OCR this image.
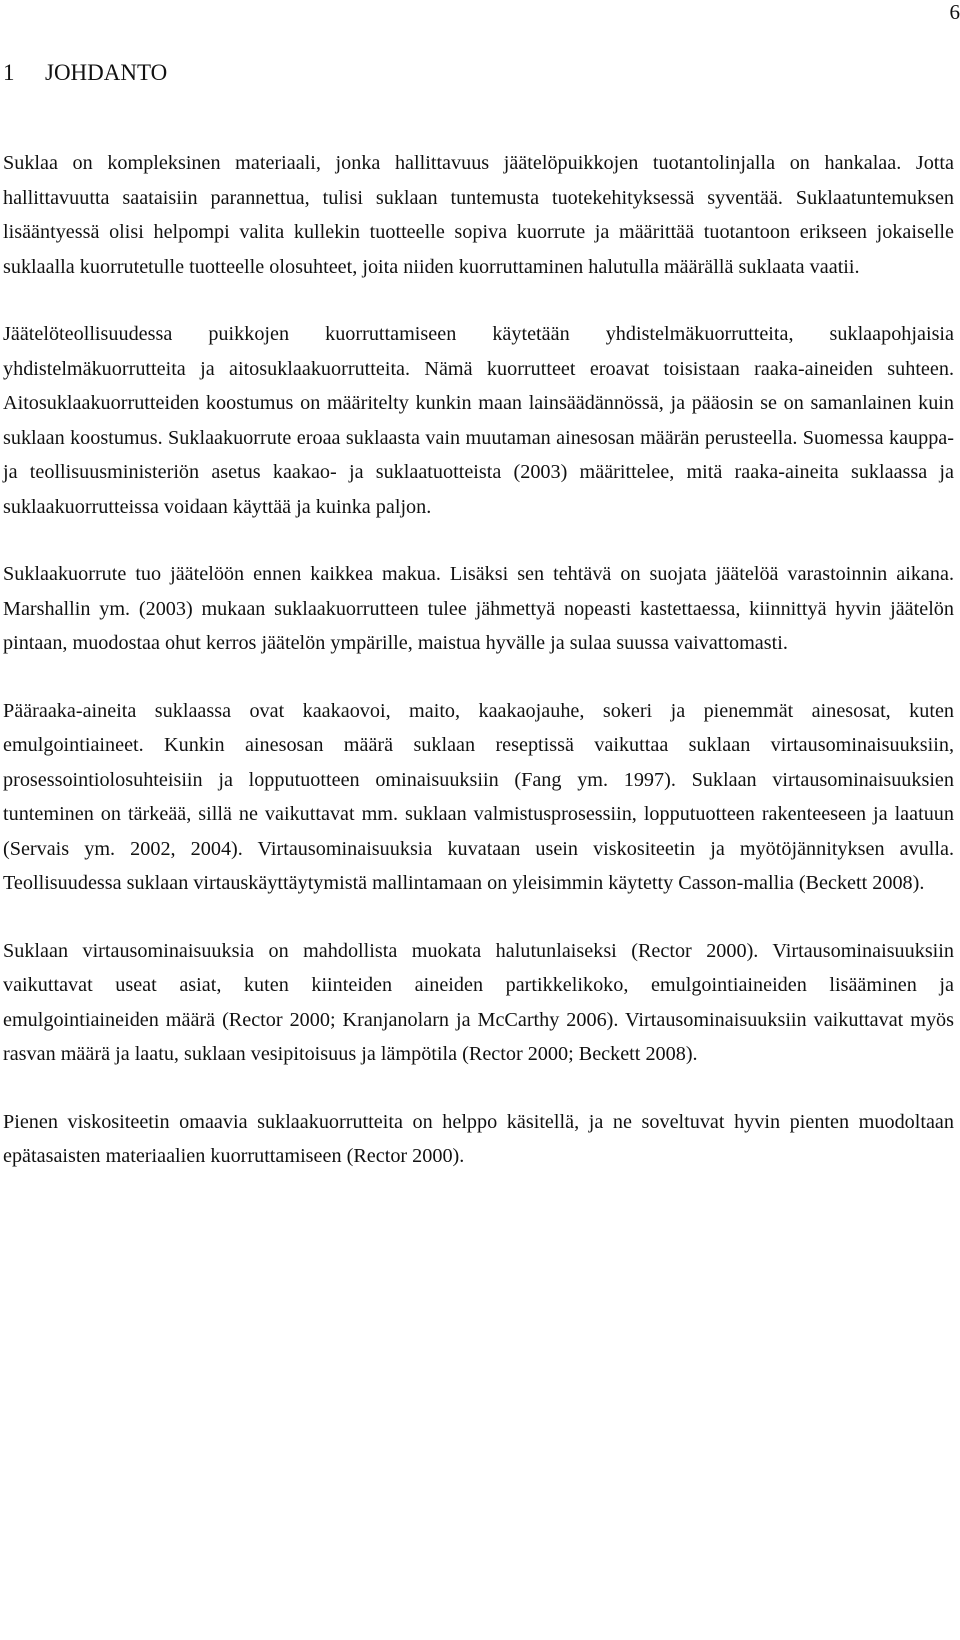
6
1	JOHDANTO

Suklaa on kompleksinen materiaali, jonka hallittavuus jäätelöpuikkojen tuotantolinjalla on hankalaa. Jotta hallittavuutta saataisiin parannettua, tulisi suklaan tuntemusta tuotekehityksessä syventää. Suklaatuntemuksen lisääntyessä olisi helpompi valita kullekin tuotteelle sopiva kuorrute ja määrittää tuotantoon erikseen jokaiselle suklaalla kuorrutetulle tuotteelle olosuhteet, joita niiden kuorruttaminen halutulla määrällä suklaata vaatii.

Jäätelöteollisuudessa puikkojen kuorruttamiseen käytetään yhdistelmäkuorrutteita, suklaapohjaisia yhdistelmäkuorrutteita ja aitosuklaakuorrutteita. Nämä kuorrutteet eroavat toisistaan raaka-aineiden suhteen. Aitosuklaakuorrutteiden koostumus on määritelty kunkin maan lainsäädännössä, ja pääosin se on samanlainen kuin suklaan koostumus. Suklaakuorrute eroaa suklaasta vain muutaman ainesosan määrän perusteella. Suomessa kauppa- ja teollisuusministeriön asetus kaakao- ja suklaatuotteista (2003) määrittelee, mitä raaka-aineita suklaassa ja suklaakuorrutteissa voidaan käyttää ja kuinka paljon.

Suklaakuorrute tuo jäätelöön ennen kaikkea makua. Lisäksi sen tehtävä on suojata jäätelöä varastoinnin aikana. Marshallin ym. (2003) mukaan suklaakuorrutteen tulee jähmettyä nopeasti kastettaessa, kiinnittyä hyvin jäätelön pintaan, muodostaa ohut kerros jäätelön ympärille, maistua hyvälle ja sulaa suussa vaivattomasti.

Pääraaka-aineita suklaassa ovat kaakaovoi, maito, kaakaojauhe, sokeri ja pienemmät ainesosat, kuten emulgointiaineet. Kunkin ainesosan määrä suklaan reseptissä vaikuttaa suklaan virtausominaisuuksiin, prosessointiolosuhteisiin ja lopputuotteen ominaisuuksiin (Fang ym. 1997). Suklaan virtausominaisuuksien tunteminen on tärkeää, sillä ne vaikuttavat mm. suklaan valmistusprosessiin, lopputuotteen rakenteeseen ja laatuun (Servais ym. 2002, 2004). Virtausominaisuuksia kuvataan usein viskositeetin ja myötöjännityksen avulla. Teollisuudessa suklaan virtauskäyttäytymistä mallintamaan on yleisimmin käytetty Casson-mallia (Beckett 2008).

Suklaan virtausominaisuuksia on mahdollista muokata halutunlaiseksi (Rector 2000). Virtausominaisuuksiin vaikuttavat useat asiat, kuten kiinteiden aineiden partikkelikoko, emulgointiaineiden lisääminen ja emulgointiaineiden määrä (Rector 2000; Kranjanolarn ja McCarthy 2006). Virtausominaisuuksiin vaikuttavat myös rasvan määrä ja laatu, suklaan vesipitoisuus ja lämpötila (Rector 2000; Beckett 2008).

Pienen viskositeetin omaavia suklaakuorrutteita on helppo käsitellä, ja ne soveltuvat hyvin pienten muodoltaan epätasaisten materiaalien kuorruttamiseen (Rector 2000).
